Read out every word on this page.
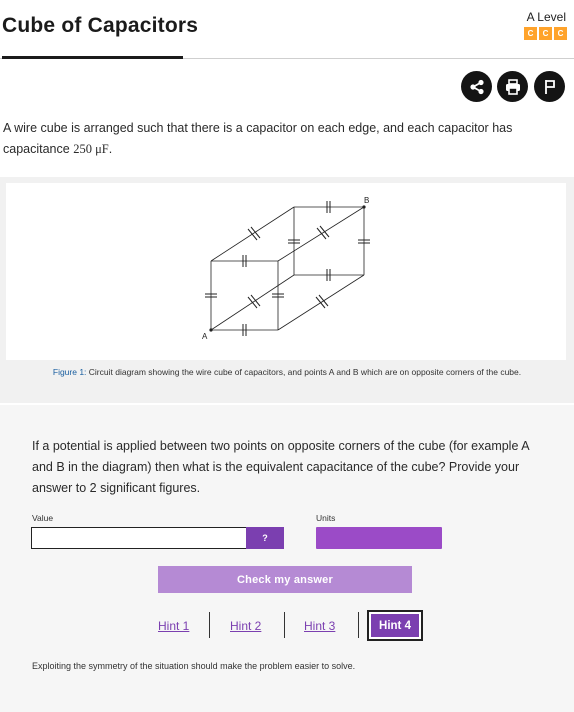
Cube of Capacitors	A Level
C	C	C
A wire cube is arranged such that there is a capacitor on each edge, and each capacitor has capacitance 250 μF.
A
B
Figure 1: Circuit diagram showing the wire cube of capacitors, and points A and B which are on opposite corners of the cube.
If a potential is applied between two points on opposite corners of the cube (for example A and B in the diagram) then what is the equivalent capacitance of the cube? Provide your answer to 2 significant figures.
Value
?
Units
Check my answer
Hint 1	Hint 2	Hint 3	Hint 4
Exploiting the symmetry of the situation should make the problem easier to solve.
